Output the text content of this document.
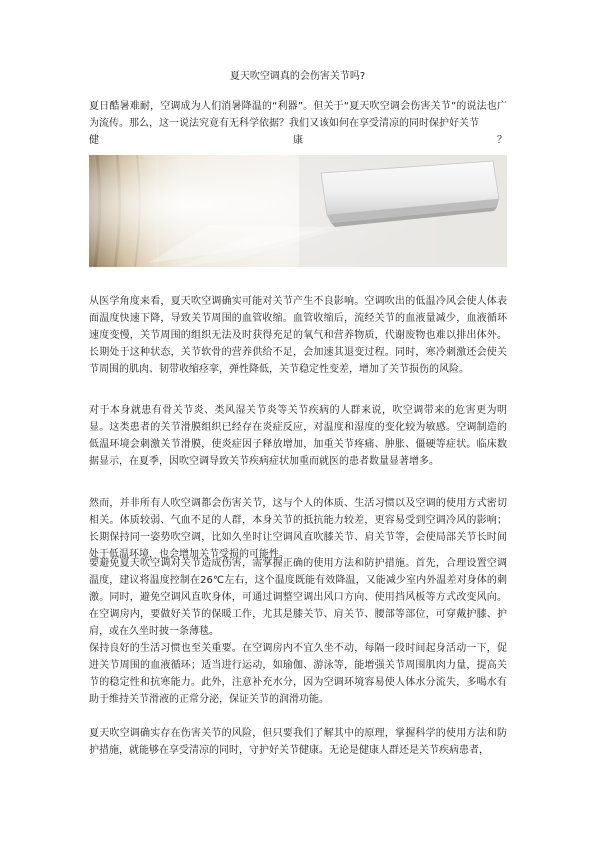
夏天吹空调真的会伤害关节吗?

夏日酷暑难耐，空调成为人们消暑降温的“利器”。但关于“夏天吹空调会伤害关节”的说法也广为流传。那么，这一说法究竟有无科学依据？我们又该如何在享受清凉的同时保护好关节

健康？

从医学角度来看，夏天吹空调确实可能对关节产生不良影响。空调吹出的低温冷风会使人体表面温度快速下降，导致关节周围的血管收缩。血管收缩后，流经关节的血液量减少，血液循环速度变慢，关节周围的组织无法及时获得充足的氧气和营养物质，代谢废物也难以排出体外。长期处于这种状态，关节软骨的营养供给不足，会加速其退变过程。同时，寒冷刺激还会使关节周围的肌肉、韧带收缩痉挛，弹性降低，关节稳定性变差，增加了关节损伤的风险。

对于本身就患有骨关节炎、类风湿关节炎等关节疾病的人群来说，吹空调带来的危害更为明显。这类患者的关节滑膜组织已经存在炎症反应，对温度和湿度的变化较为敏感。空调制造的低温环境会刺激关节滑膜，使炎症因子释放增加，加重关节疼痛、肿胀、僵硬等症状。临床数据显示，在夏季，因吹空调导致关节疾病症状加重而就医的患者数量显著增多。

然而，并非所有人吹空调都会伤害关节，这与个人的体质、生活习惯以及空调的使用方式密切相关。体质较弱、气血不足的人群，本身关节的抵抗能力较差，更容易受到空调冷风的影响；长期保持同一姿势吹空调，比如久坐时让空调风直吹膝关节、肩关节等，会使局部关节长时间处于低温环境，也会增加关节受损的可能性。

要避免夏天吹空调对关节造成伤害，需掌握正确的使用方法和防护措施。首先，合理设置空调温度，建议将温度控制在26℃左右，这个温度既能有效降温，又能减少室内外温差对身体的刺激。同时，避免空调风直吹身体，可通过调整空调出风口方向、使用挡风板等方式改变风向。在空调房内，要做好关节的保暖工作，尤其是膝关节、肩关节、腰部等部位，可穿戴护膝、护肩，或在久坐时披一条薄毯。

保持良好的生活习惯也至关重要。在空调房内不宜久坐不动，每隔一段时间起身活动一下，促进关节周围的血液循环；适当进行运动，如瑜伽、游泳等，能增强关节周围肌肉力量，提高关节的稳定性和抗寒能力。此外，注意补充水分，因为空调环境容易使人体水分流失，多喝水有助于维持关节滑液的正常分泌，保证关节的润滑功能。

夏天吹空调确实存在伤害关节的风险，但只要我们了解其中的原理，掌握科学的使用方法和防护措施，就能够在享受清凉的同时，守护好关节健康。无论是健康人群还是关节疾病患者，
